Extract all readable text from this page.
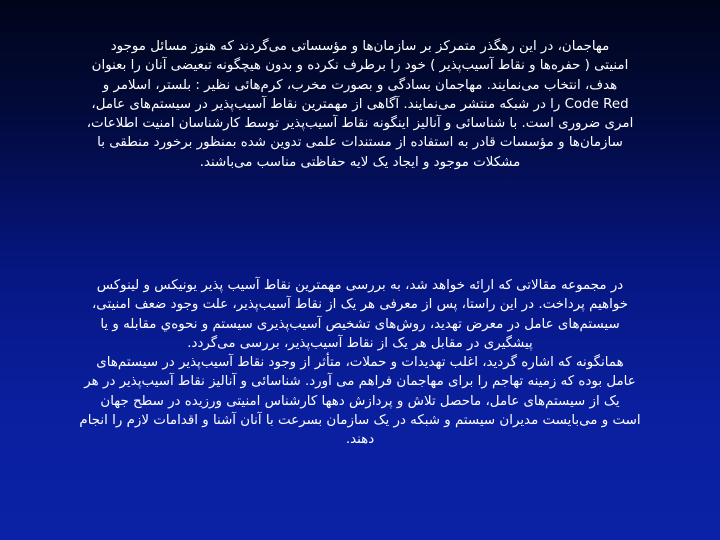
مهاجمان، در این رهگذر متمرکز بر سازمان‌ها و مؤسساتی می‌گردند که هنوز مسائل موجود
امنیتی ( حفره‌ها و نقاط آسیب‌پذیر ) خود را برطرف نکرده و بدون هیچگونه تبعیضی آنان را بعنوان
هدف، انتخاب می‌نمایند. مهاجمان بسادگی و بصورت مخرب، کرم‌هائی نظیر : بلستر، اسلامر و
Code Red را در شبکه منتشر می‌نمایند. آگاهی از مهمترین نقاط آسیب‌پذیر در سیستم‌های عامل،
امری ضروری است. با شناسائی و آنالیز اینگونه نقاط آسیب‌پذیر توسط کارشناسان امنیت اطلاعات،
سازمان‌ها و مؤسسات قادر به استفاده از مستندات علمی تدوین شده بمنظور برخورد منطقی با
مشکلات موجود و ایجاد یک لایه حفاظتی مناسب می‌باشند.
در مجموعه مقالاتی که ارائه خواهد شد، به بررسی مهمترین نقاط آسیب پذیر یونیکس و لینوکس
خواهیم پرداخت. در این راستا، پس از معرفی هر یک از نقاط آسیب‌پذیر، علت وجود ضعف امنیتی،
سیستم‌های عامل در معرض تهدید، روش‌های تشخیص آسیب‌پذیری سیستم و نحوه‌ي مقابله و یا
پیشگیری در مقابل هر یک از نقاط آسیب‌پذیر، بررسی می‌گردد.
همانگونه که اشاره گردید، اغلب تهدیدات و حملات، متأثر از وجود نقاط آسیب‌پذیر در سیستم‌های
عامل بوده که زمینه تهاجم را برای مهاجمان فراهم می آورد. شناسائی و آنالیز نقاط آسیب‌پذیر در هر
یک از سیستم‌های عامل، ماحصل تلاش و پردازش دهها کارشناس امنیتی ورزیده در سطح جهان
است و می‌بایست مدیران سیستم و شبکه در یک سازمان بسرعت با آنان آشنا و اقدامات لازم را انجام
دهند.
